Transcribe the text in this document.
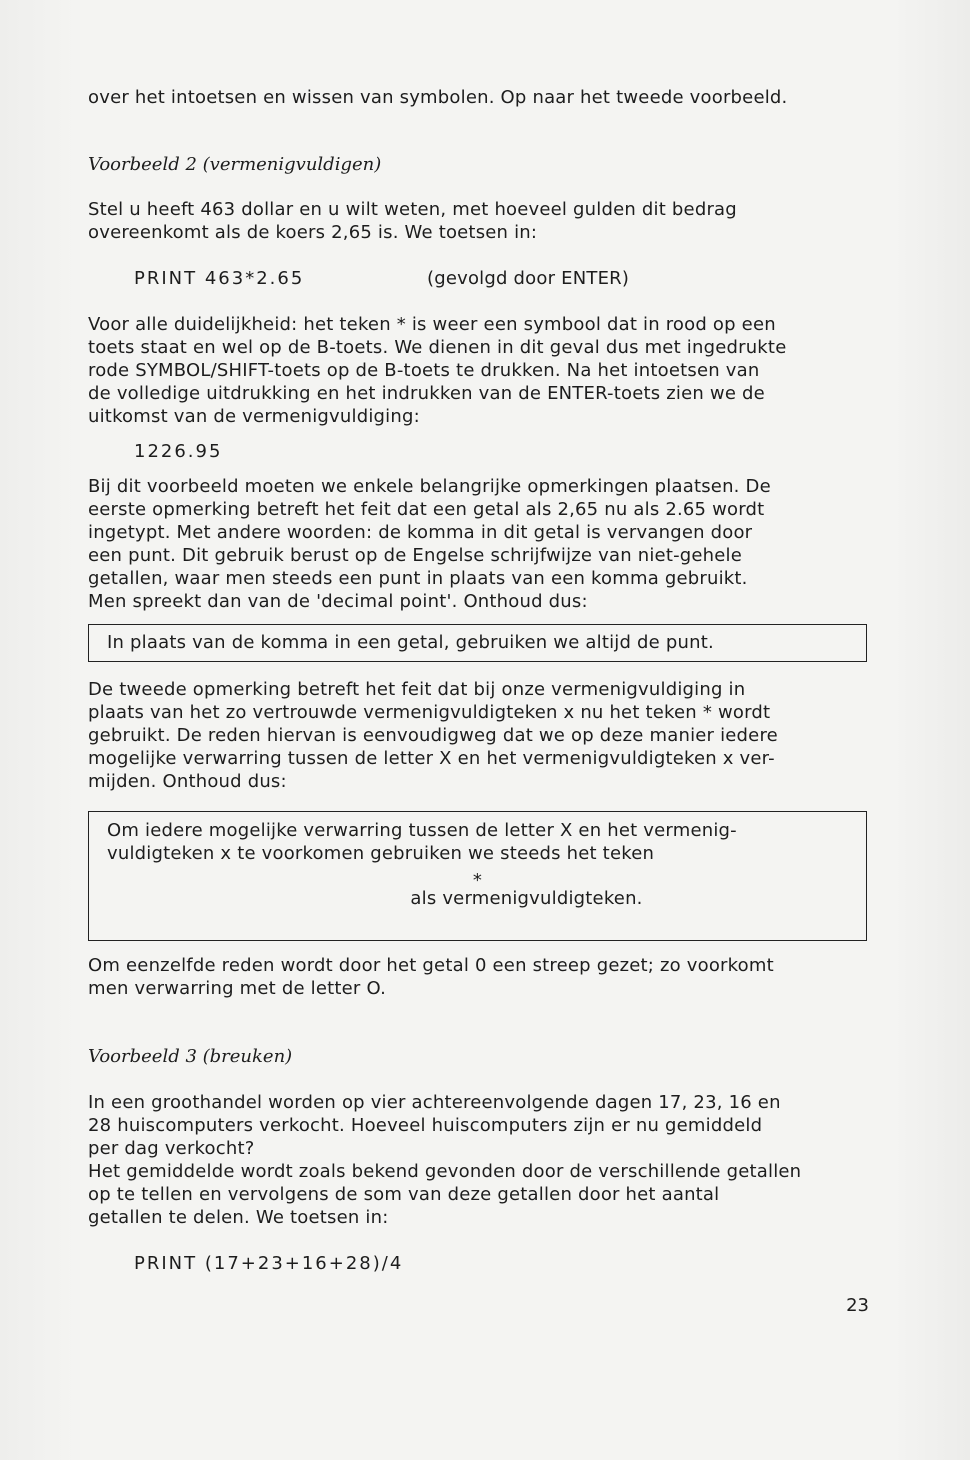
over het intoetsen en wissen van symbolen. Op naar het tweede voorbeeld.
Voorbeeld 2 (vermenigvuldigen)
Stel u heeft 463 dollar en u wilt weten, met hoeveel gulden dit bedrag
overeenkomt als de koers 2,65 is. We toetsen in:
PRINT 463*2.65	(gevolgd door ENTER)
Voor alle duidelijkheid: het teken * is weer een symbool dat in rood op een
toets staat en wel op de B-toets. We dienen in dit geval dus met ingedrukte
rode SYMBOL/SHIFT-toets op de B-toets te drukken. Na het intoetsen van
de volledige uitdrukking en het indrukken van de ENTER-toets zien we de
uitkomst van de vermenigvuldiging:
1226.95
Bij dit voorbeeld moeten we enkele belangrijke opmerkingen plaatsen. De
eerste opmerking betreft het feit dat een getal als 2,65 nu als 2.65 wordt
ingetypt. Met andere woorden: de komma in dit getal is vervangen door
een punt. Dit gebruik berust op de Engelse schrijfwijze van niet-gehele
getallen, waar men steeds een punt in plaats van een komma gebruikt.
Men spreekt dan van de 'decimal point'. Onthoud dus:
In plaats van de komma in een getal, gebruiken we altijd de punt.
De tweede opmerking betreft het feit dat bij onze vermenigvuldiging in
plaats van het zo vertrouwde vermenigvuldigteken x nu het teken * wordt
gebruikt. De reden hiervan is eenvoudigweg dat we op deze manier iedere
mogelijke verwarring tussen de letter X en het vermenigvuldigteken x ver-
mijden. Onthoud dus:
Om iedere mogelijke verwarring tussen de letter X en het vermenig-
vuldigteken x te voorkomen gebruiken we steeds het teken
*
als vermenigvuldigteken.
Om eenzelfde reden wordt door het getal 0 een streep gezet; zo voorkomt
men verwarring met de letter O.
Voorbeeld 3 (breuken)
In een groothandel worden op vier achtereenvolgende dagen 17, 23, 16 en
28 huiscomputers verkocht. Hoeveel huiscomputers zijn er nu gemiddeld
per dag verkocht?
Het gemiddelde wordt zoals bekend gevonden door de verschillende getallen
op te tellen en vervolgens de som van deze getallen door het aantal
getallen te delen. We toetsen in:
PRINT (17+23+16+28)/4
23
